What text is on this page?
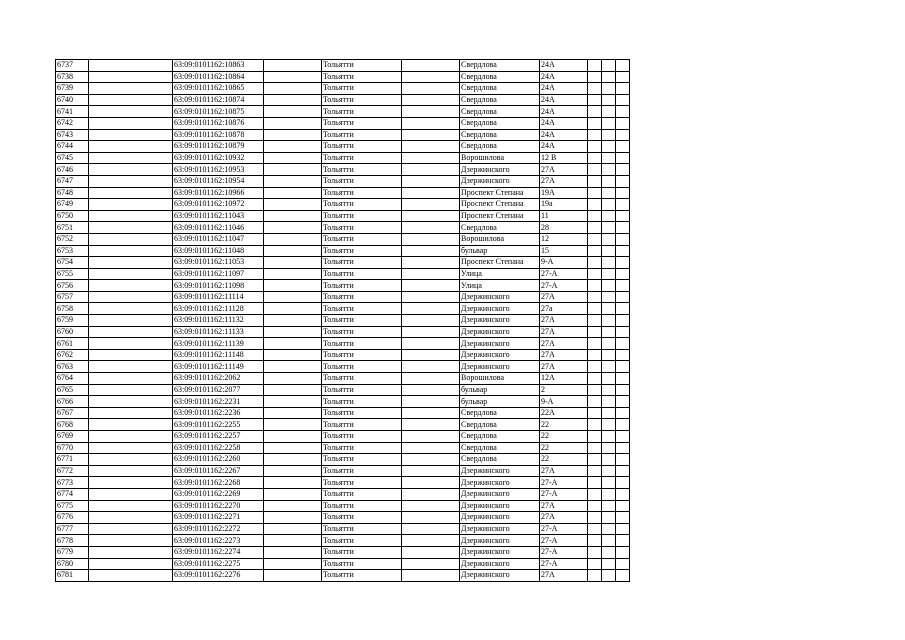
6737		63:09:0101162:10863		Тольятти		Свердлова	24А			
6738		63:09:0101162:10864		Тольятти		Свердлова	24А			
6739		63:09:0101162:10865		Тольятти		Свердлова	24А			
6740		63:09:0101162:10874		Тольятти		Свердлова	24А			
6741		63:09:0101162:10875		Тольятти		Свердлова	24А			
6742		63:09:0101162:10876		Тольятти		Свердлова	24А			
6743		63:09:0101162:10878		Тольятти		Свердлова	24А			
6744		63:09:0101162:10879		Тольятти		Свердлова	24А			
6745		63:09:0101162:10932		Тольятти		Ворошилова	12 В			
6746		63:09:0101162:10953		Тольятти		Дзержинского	27А			
6747		63:09:0101162:10954		Тольятти		Дзержинского	27А			
6748		63:09:0101162:10966		Тольятти		Проспект Степана	19А			
6749		63:09:0101162:10972		Тольятти		Проспект Степана	19а			
6750		63:09:0101162:11043		Тольятти		Проспект Степана	11			
6751		63:09:0101162:11046		Тольятти		Свердлова	28			
6752		63:09:0101162:11047		Тольятти		Ворошилова	12			
6753		63:09:0101162:11048		Тольятти		бульвар	15			
6754		63:09:0101162:11053		Тольятти		Проспект Степана	9-А			
6755		63:09:0101162:11097		Тольятти		Улица	27-А			
6756		63:09:0101162:11098		Тольятти		Улица	27-А			
6757		63:09:0101162:11114		Тольятти		Дзержинского	27А			
6758		63:09:0101162:11128		Тольятти		Дзержинского	27а			
6759		63:09:0101162:11132		Тольятти		Дзержинского	27А			
6760		63:09:0101162:11133		Тольятти		Дзержинского	27А			
6761		63:09:0101162:11139		Тольятти		Дзержинского	27А			
6762		63:09:0101162:11148		Тольятти		Дзержинского	27А			
6763		63:09:0101162:11149		Тольятти		Дзержинского	27А			
6764		63:09:0101162:2062		Тольятти		Ворошилова	12А			
6765		63:09:0101162:2077		Тольятти		бульвар	2			
6766		63:09:0101162:2231		Тольятти		бульвар	9-А			
6767		63:09:0101162:2236		Тольятти		Свердлова	22А			
6768		63:09:0101162:2255		Тольятти		Свердлова	22			
6769		63:09:0101162:2257		Тольятти		Свердлова	22			
6770		63:09:0101162:2258		Тольятти		Свердлова	22			
6771		63:09:0101162:2260		Тольятти		Свердлова	22			
6772		63:09:0101162:2267		Тольятти		Дзержинского	27А			
6773		63:09:0101162:2268		Тольятти		Дзержинского	27-А			
6774		63:09:0101162:2269		Тольятти		Дзержинского	27-А			
6775		63:09:0101162:2270		Тольятти		Дзержинского	27А			
6776		63:09:0101162:2271		Тольятти		Дзержинского	27А			
6777		63:09:0101162:2272		Тольятти		Дзержинского	27-А			
6778		63:09:0101162:2273		Тольятти		Дзержинского	27-А			
6779		63:09:0101162:2274		Тольятти		Дзержинского	27-А			
6780		63:09:0101162:2275		Тольятти		Дзержинского	27-А			
6781		63:09:0101162:2276		Тольятти		Дзержинского	27А			
